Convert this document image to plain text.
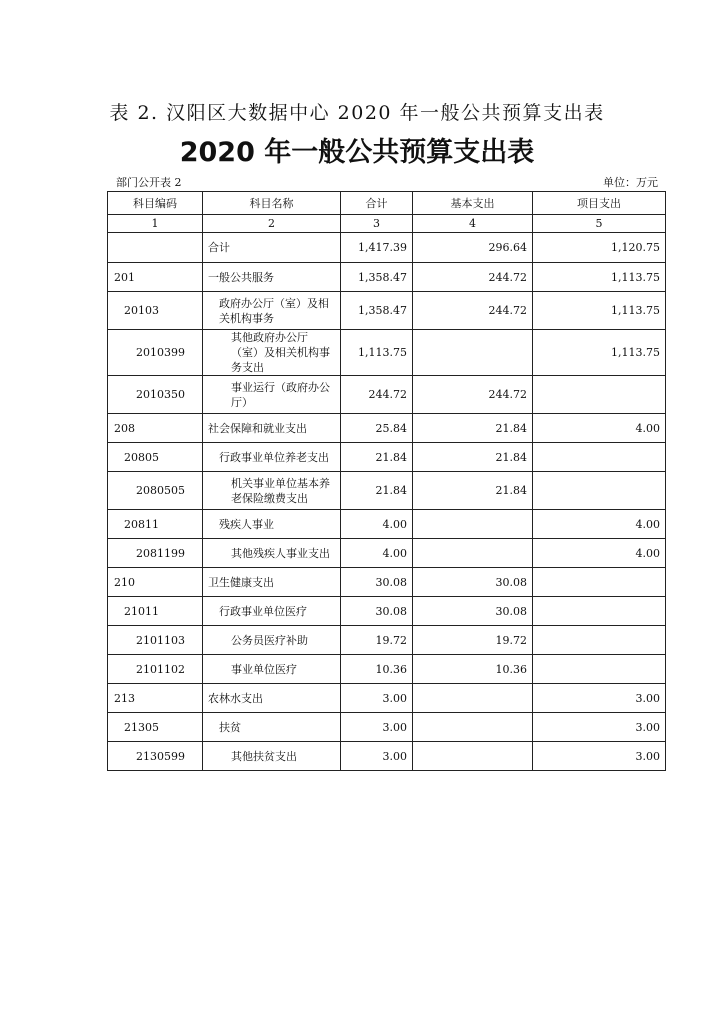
表 2. 汉阳区大数据中心 2020 年一般公共预算支出表
2020 年一般公共预算支出表
部门公开表 2	单位：万元
科目编码	科目名称	合计	基本支出	项目支出
1	2	3	4	5
	合计	1,417.39	296.64	1,120.75
201	一般公共服务	1,358.47	244.72	1,113.75
20103	政府办公厅（室）及相关机构事务	1,358.47	244.72	1,113.75
2010399	其他政府办公厅（室）及相关机构事务支出	1,113.75		1,113.75
2010350	事业运行（政府办公厅）	244.72	244.72	
208	社会保障和就业支出	25.84	21.84	4.00
20805	行政事业单位养老支出	21.84	21.84	
2080505	机关事业单位基本养老保险缴费支出	21.84	21.84	
20811	残疾人事业	4.00		4.00
2081199	其他残疾人事业支出	4.00		4.00
210	卫生健康支出	30.08	30.08	
21011	行政事业单位医疗	30.08	30.08	
2101103	公务员医疗补助	19.72	19.72	
2101102	事业单位医疗	10.36	10.36	
213	农林水支出	3.00		3.00
21305	扶贫	3.00		3.00
2130599	其他扶贫支出	3.00		3.00
